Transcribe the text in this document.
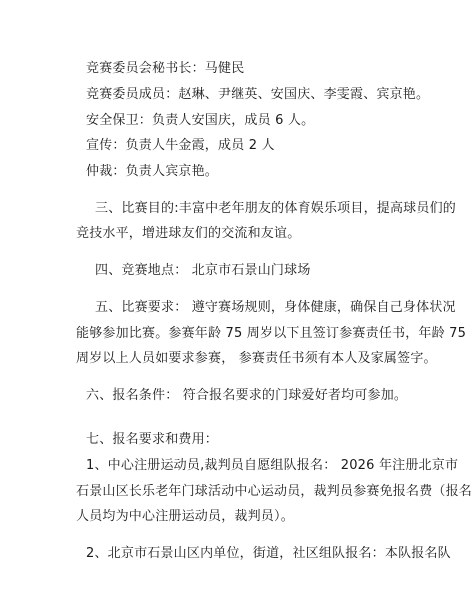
竞赛委员会秘书长：马健民
竞赛委员成员：赵琳、尹继英、安国庆、李雯霞、宾京艳。
安全保卫：负责人安国庆，成员 6 人。
宣传：负责人牛金霞，成员 2 人
仲裁：负责人宾京艳。
三、比赛目的:丰富中老年朋友的体育娱乐项目，提高球员们的
竞技水平，增进球友们的交流和友谊。
四、竞赛地点： 北京市石景山门球场
五、比赛要求： 遵守赛场规则，身体健康，确保自己身体状况
能够参加比赛。参赛年龄 75 周岁以下且签订参赛责任书，年龄 75
周岁以上人员如要求参赛， 参赛责任书须有本人及家属签字。
六、报名条件： 符合报名要求的门球爱好者均可参加。
七、报名要求和费用：
1、中心注册运动员,裁判员自愿组队报名： 2026 年注册北京市
石景山区长乐老年门球活动中心运动员，裁判员参赛免报名费（报名
人员均为中心注册运动员，裁判员）。
2、北京市石景山区内单位，街道，社区组队报名：本队报名队
